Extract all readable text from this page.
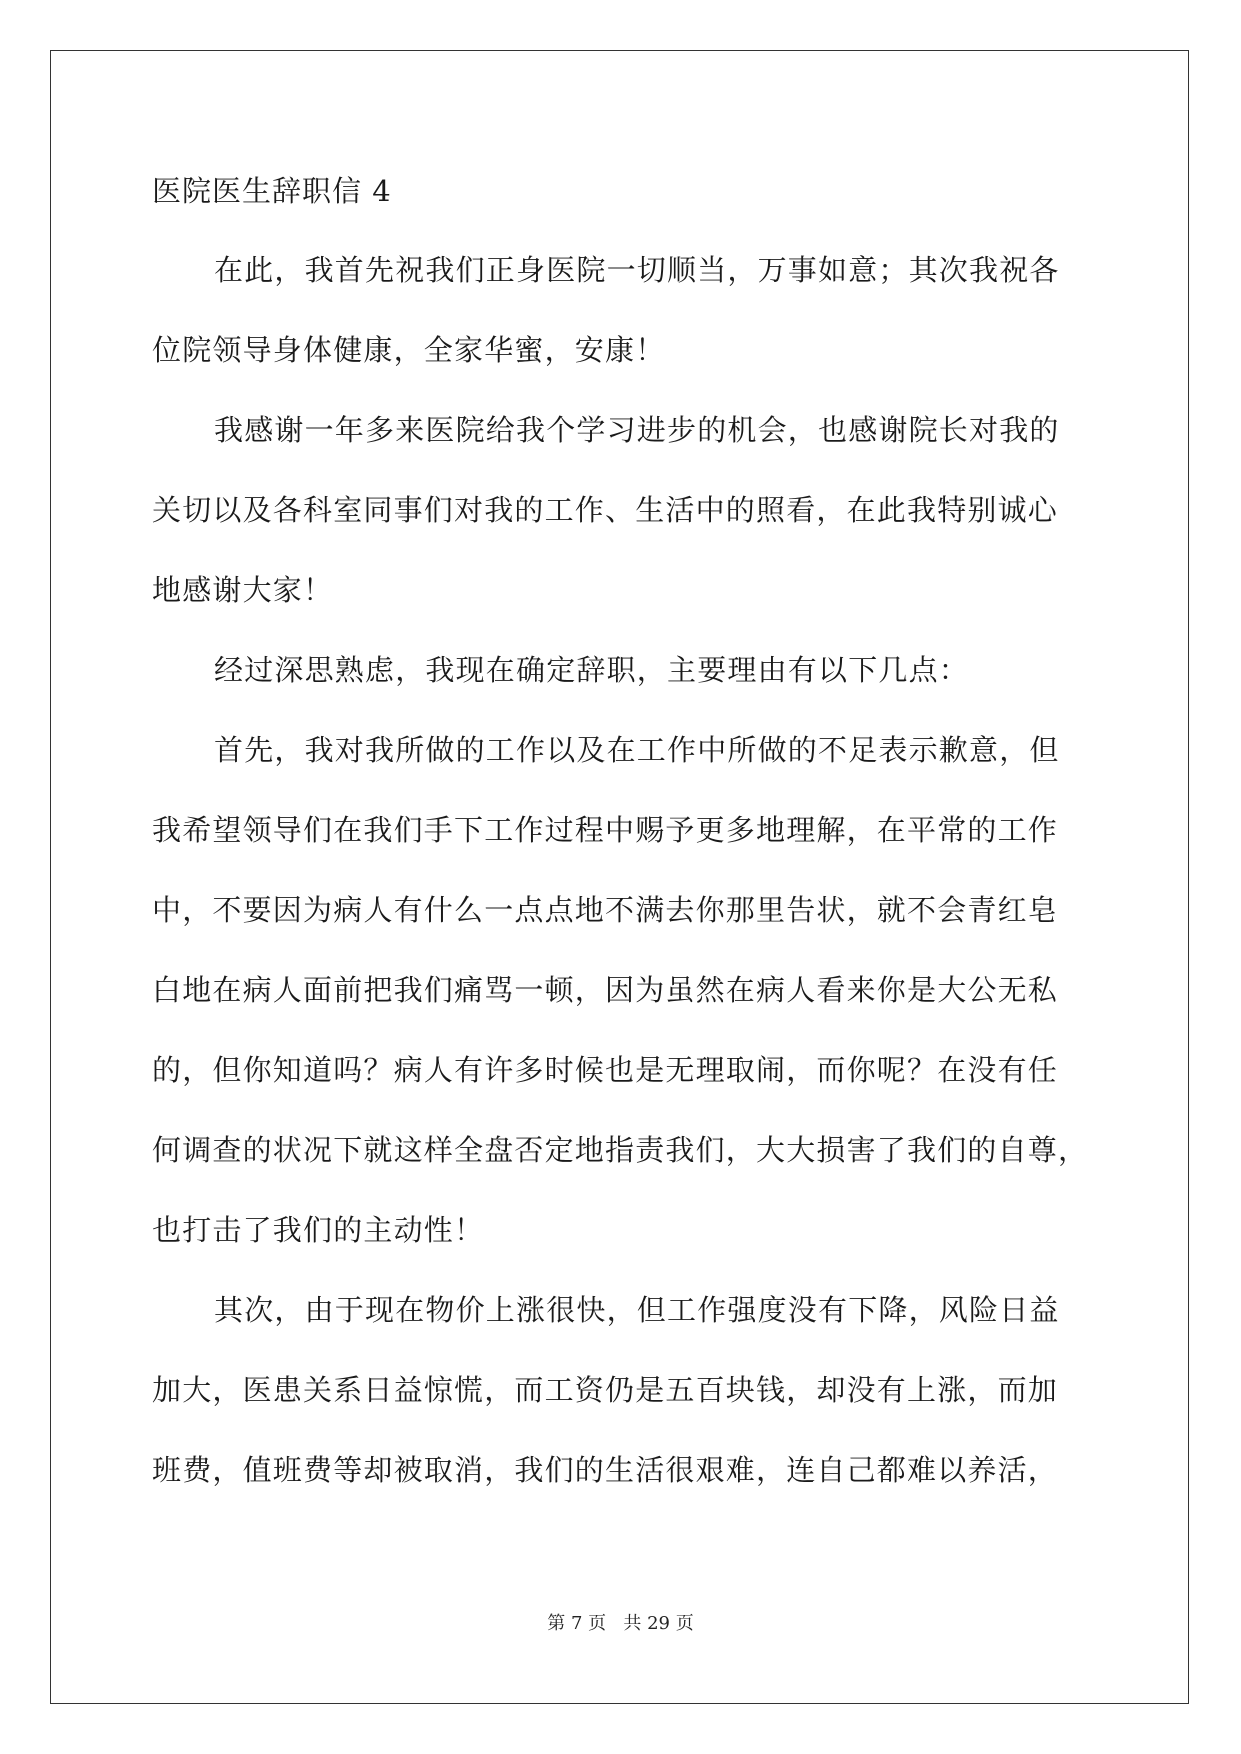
医院医生辞职信 4
在此，我首先祝我们正身医院一切顺当，万事如意；其次我祝各
位院领导身体健康，全家华蜜，安康！
我感谢一年多来医院给我个学习进步的机会，也感谢院长对我的
关切以及各科室同事们对我的工作、生活中的照看，在此我特别诚心
地感谢大家！
经过深思熟虑，我现在确定辞职，主要理由有以下几点：
首先，我对我所做的工作以及在工作中所做的不足表示歉意，但
我希望领导们在我们手下工作过程中赐予更多地理解，在平常的工作
中，不要因为病人有什么一点点地不满去你那里告状，就不会青红皂
白地在病人面前把我们痛骂一顿，因为虽然在病人看来你是大公无私
的，但你知道吗？病人有许多时候也是无理取闹，而你呢？在没有任
何调查的状况下就这样全盘否定地指责我们，大大损害了我们的自尊，
也打击了我们的主动性！
其次，由于现在物价上涨很快，但工作强度没有下降，风险日益
加大，医患关系日益惊慌，而工资仍是五百块钱，却没有上涨，而加
班费，值班费等却被取消，我们的生活很艰难，连自己都难以养活，
第 7 页   共 29 页
